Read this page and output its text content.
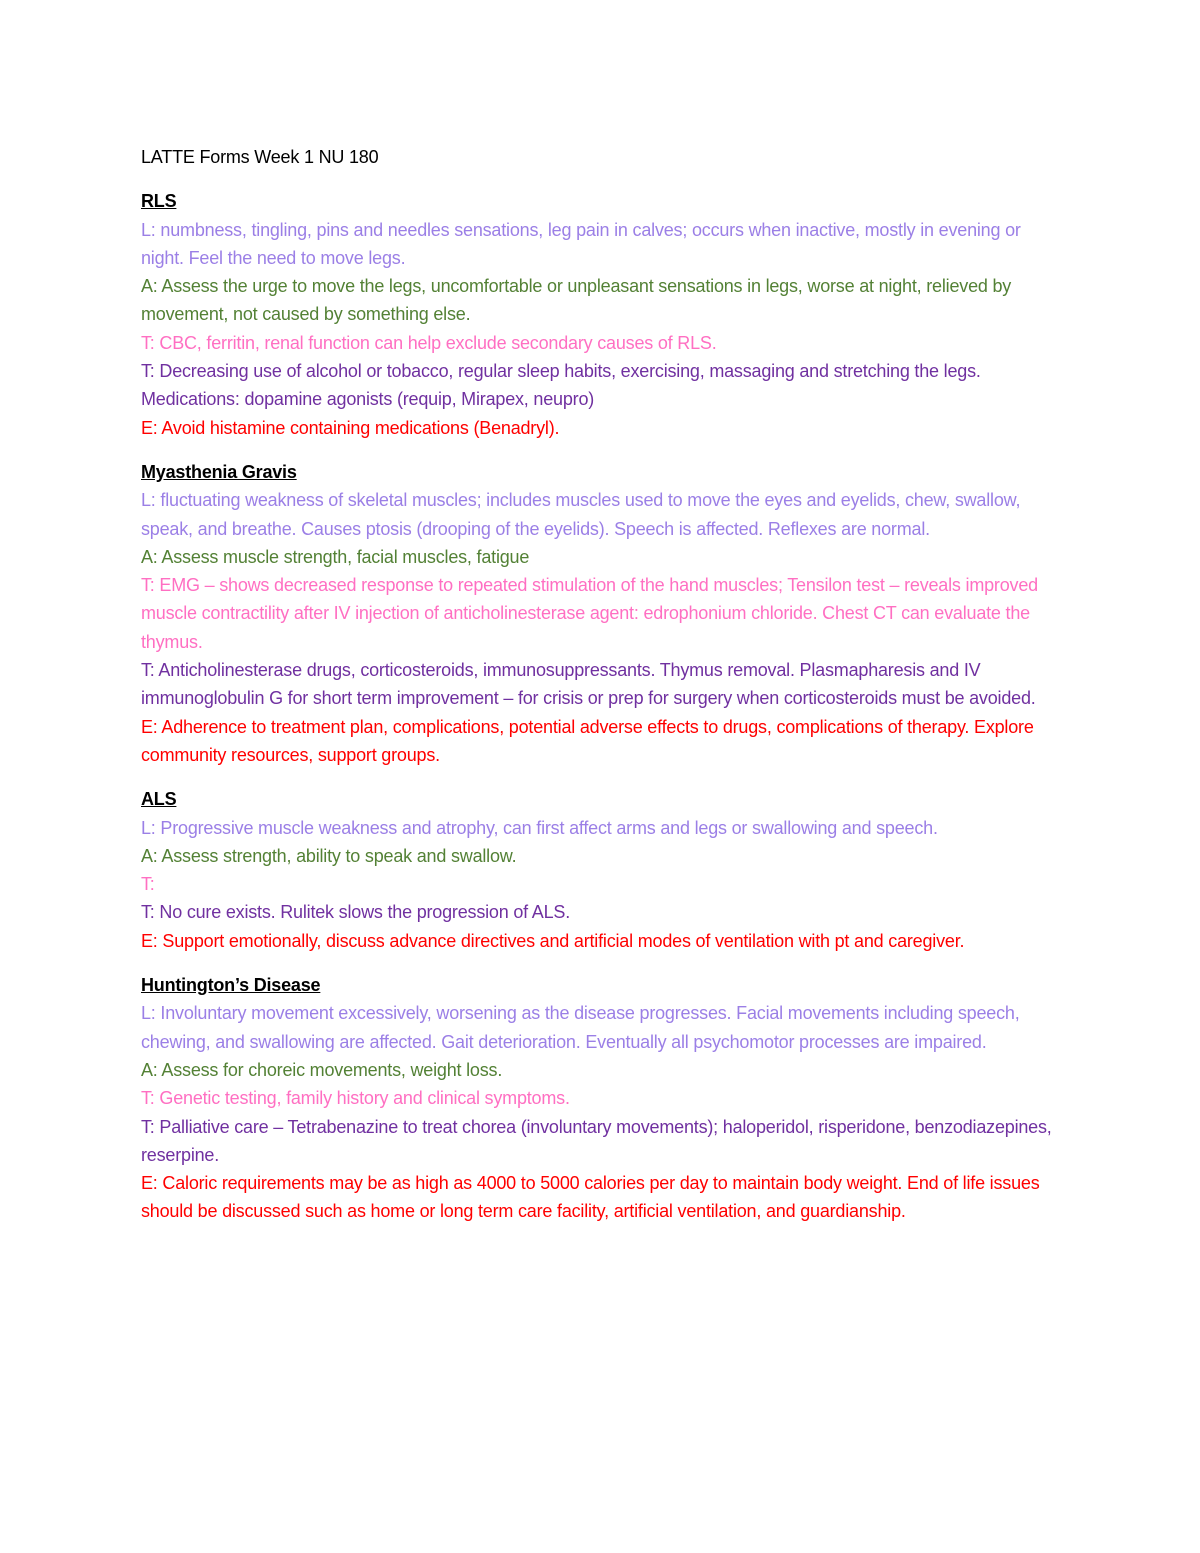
LATTE Forms Week 1 NU 180

RLS

L: numbness, tingling, pins and needles sensations, leg pain in calves; occurs when inactive, mostly in evening or night. Feel the need to move legs.

A: Assess the urge to move the legs, uncomfortable or unpleasant sensations in legs, worse at night, relieved by movement, not caused by something else.

T: CBC, ferritin, renal function can help exclude secondary causes of RLS.

T: Decreasing use of alcohol or tobacco, regular sleep habits, exercising, massaging and stretching the legs. Medications: dopamine agonists (requip, Mirapex, neupro)

E: Avoid histamine containing medications (Benadryl).

Myasthenia Gravis

L: fluctuating weakness of skeletal muscles; includes muscles used to move the eyes and eyelids, chew, swallow, speak, and breathe. Causes ptosis (drooping of the eyelids). Speech is affected. Reflexes are normal.

A: Assess muscle strength, facial muscles, fatigue

T: EMG – shows decreased response to repeated stimulation of the hand muscles; Tensilon test – reveals improved muscle contractility after IV injection of anticholinesterase agent: edrophonium chloride. Chest CT can evaluate the thymus.

T: Anticholinesterase drugs, corticosteroids, immunosuppressants. Thymus removal. Plasmapharesis and IV immunoglobulin G for short term improvement – for crisis or prep for surgery when corticosteroids must be avoided.

E: Adherence to treatment plan, complications, potential adverse effects to drugs, complications of therapy. Explore community resources, support groups.

ALS

L: Progressive muscle weakness and atrophy, can first affect arms and legs or swallowing and speech.

A: Assess strength, ability to speak and swallow.

T:

T: No cure exists. Rulitek slows the progression of ALS.

E: Support emotionally, discuss advance directives and artificial modes of ventilation with pt and caregiver.

Huntington’s Disease

L: Involuntary movement excessively, worsening as the disease progresses. Facial movements including speech, chewing, and swallowing are affected. Gait deterioration. Eventually all psychomotor processes are impaired.

A: Assess for choreic movements, weight loss.

T: Genetic testing, family history and clinical symptoms.

T: Palliative care – Tetrabenazine to treat chorea (involuntary movements); haloperidol, risperidone, benzodiazepines, reserpine.

E: Caloric requirements may be as high as 4000 to 5000 calories per day to maintain body weight. End of life issues should be discussed such as home or long term care facility, artificial ventilation, and guardianship.
